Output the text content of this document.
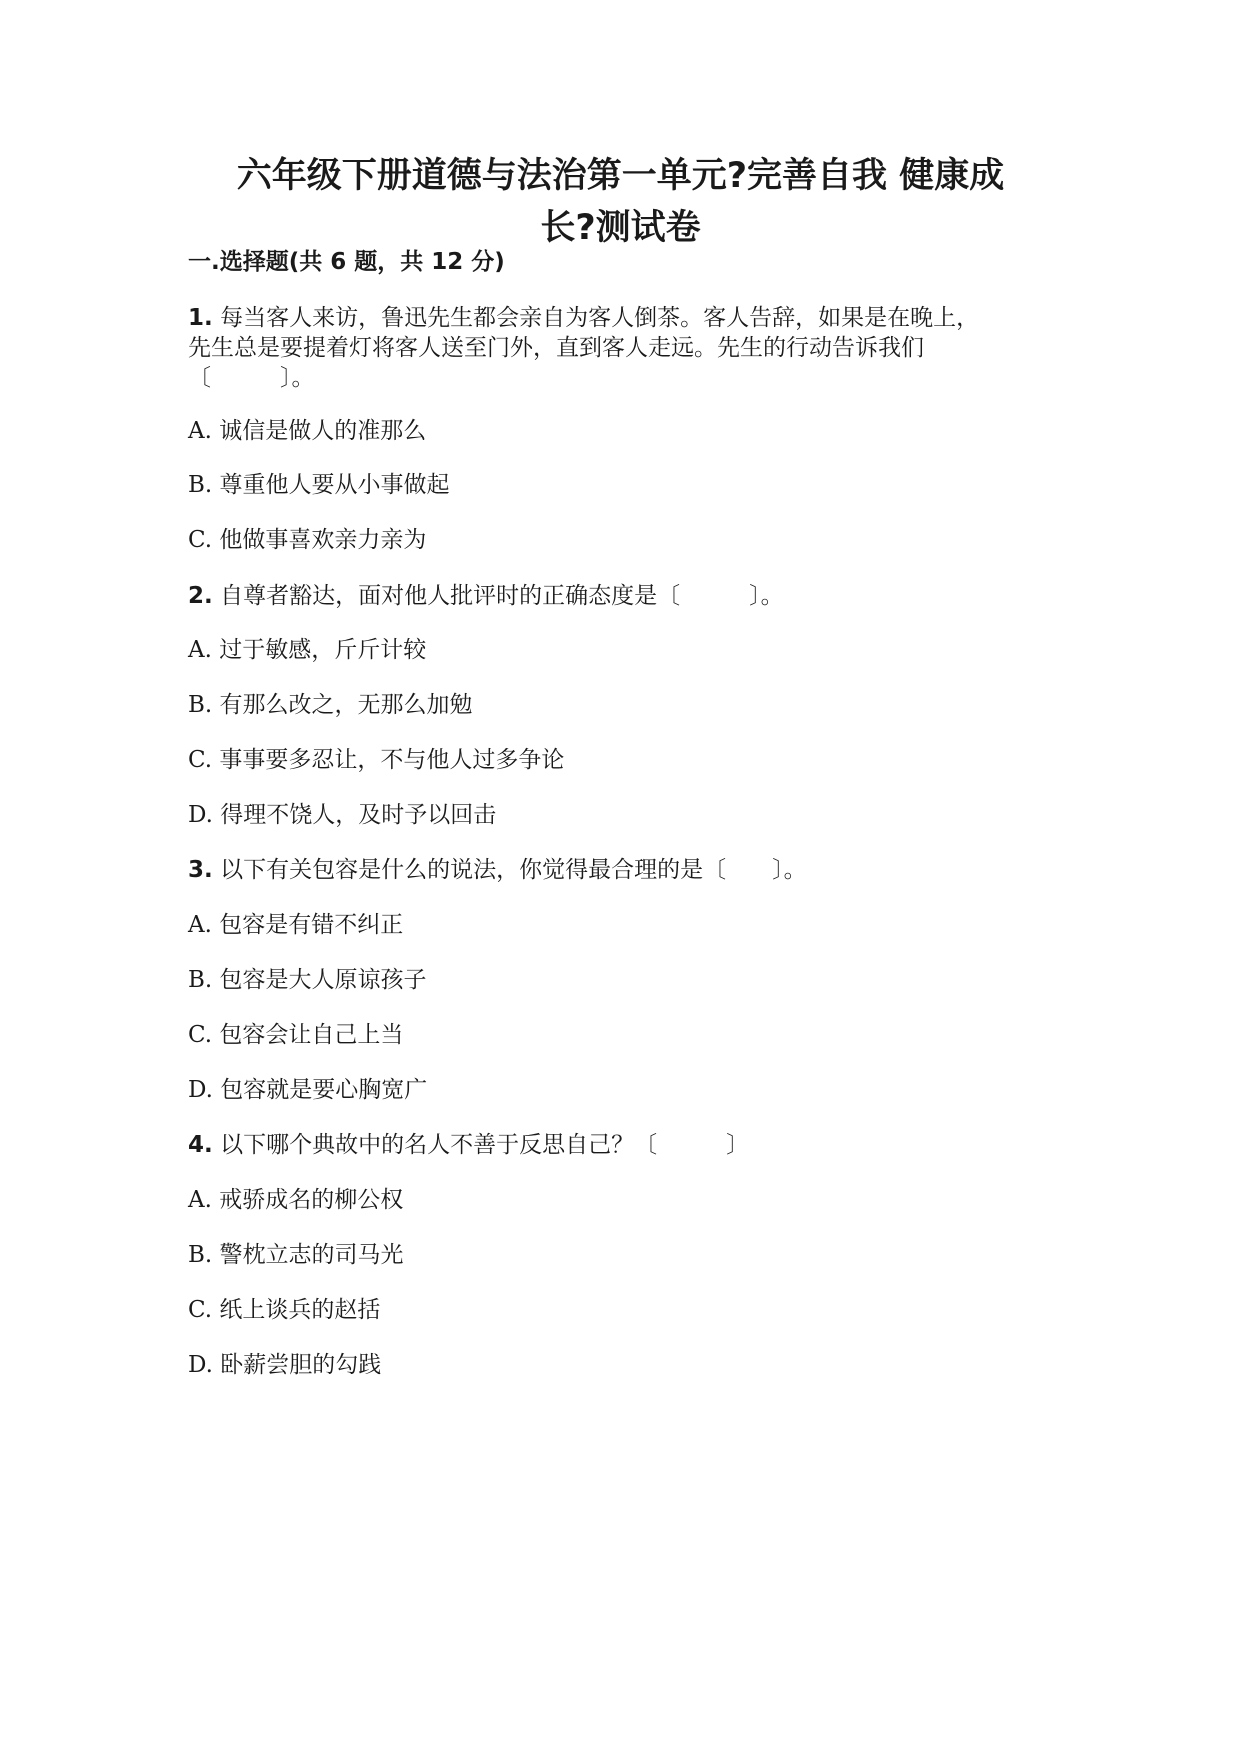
六年级下册道德与法治第一单元?完善自我 健康成
长?测试卷
一.选择题(共 6 题，共 12 分)
1. 每当客人来访，鲁迅先生都会亲自为客人倒茶。客人告辞，如果是在晚上，
先生总是要提着灯将客人送至门外，直到客人走远。先生的行动告诉我们
〔　　　〕。

A. 诚信是做人的准那么

B. 尊重他人要从小事做起

C. 他做事喜欢亲力亲为

2. 自尊者豁达，面对他人批评时的正确态度是〔　　　〕。

A. 过于敏感，斤斤计较

B. 有那么改之，无那么加勉

C. 事事要多忍让，不与他人过多争论

D. 得理不饶人，及时予以回击

3. 以下有关包容是什么的说法，你觉得最合理的是〔　　〕。

A. 包容是有错不纠正

B. 包容是大人原谅孩子

C. 包容会让自己上当

D. 包容就是要心胸宽广

4. 以下哪个典故中的名人不善于反思自己？〔　　　〕

A. 戒骄成名的柳公权

B. 警枕立志的司马光

C. 纸上谈兵的赵括

D. 卧薪尝胆的勾践
